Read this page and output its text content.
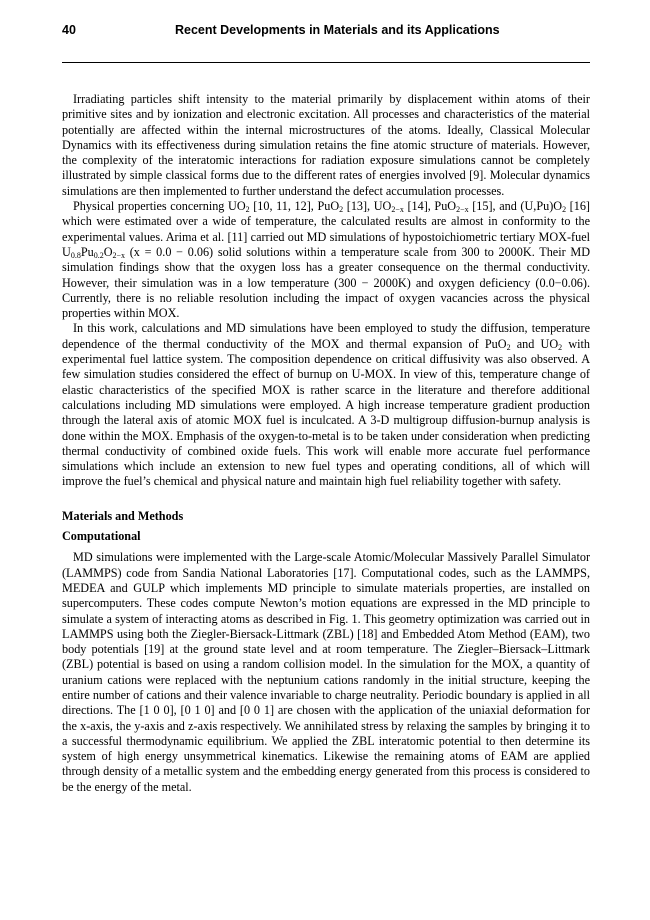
40	Recent Developments in Materials and its Applications

Irradiating particles shift intensity to the material primarily by displacement within atoms of their primitive sites and by ionization and electronic excitation. All processes and characteristics of the material potentially are affected within the internal microstructures of the atoms. Ideally, Classical Molecular Dynamics with its effectiveness during simulation retains the fine atomic structure of materials. However, the complexity of the interatomic interactions for radiation exposure simulations cannot be completely illustrated by simple classical forms due to the different rates of energies involved [9]. Molecular dynamics simulations are then implemented to further understand the defect accumulation processes.

Physical properties concerning $UO_2$ [10, 11, 12], PuO$_2$ [13], $UO_{2-x}$ [14], PuO$_{2-x}$ [15], and $(U,Pu)O_2$ [16] which were estimated over a wide of temperature, the calculated results are almost in conformity to the experimental values. Arima et al. [11] carried out MD simulations of hypostoichiometric tertiary MOX-fuel $U_{0.8}Pu_{0.2}O_{2-x}$ (x = 0.0 − 0.06) solid solutions within a temperature scale from 300 to 2000K. Their MD simulation findings show that the oxygen loss has a greater consequence on the thermal conductivity. However, their simulation was in a low temperature (300 − 2000K) and oxygen deficiency (0.0−0.06). Currently, there is no reliable resolution including the impact of oxygen vacancies across the physical properties within MOX.

In this work, calculations and MD simulations have been employed to study the diffusion, temperature dependence of the thermal conductivity of the MOX and thermal expansion of PuO$_2$ and $UO_2$ with experimental fuel lattice system. The composition dependence on critical diffusivity was also observed. A few simulation studies considered the effect of burnup on U-MOX. In view of this, temperature change of elastic characteristics of the specified MOX is rather scarce in the literature and therefore additional calculations including MD simulations were employed. A high increase temperature gradient production through the lateral axis of atomic MOX fuel is inculcated. A 3-D multigroup diffusion-burnup analysis is done within the MOX. Emphasis of the oxygen-to-metal is to be taken under consideration when predicting thermal conductivity of combined oxide fuels. This work will enable more accurate fuel performance simulations which include an extension to new fuel types and operating conditions, all of which will improve the fuel’s chemical and physical nature and maintain high fuel reliability together with safety.

Materials and Methods
Computational

MD simulations were implemented with the Large-scale Atomic/Molecular Massively Parallel Simulator (LAMMPS) code from Sandia National Laboratories [17]. Computational codes, such as the LAMMPS, MEDEA and GULP which implements MD principle to simulate materials properties, are installed on supercomputers. These codes compute Newton’s motion equations are expressed in the MD principle to simulate a system of interacting atoms as described in Fig. 1. This geometry optimization was carried out in LAMMPS using both the Ziegler-Biersack-Littmark (ZBL) [18] and Embedded Atom Method (EAM), two body potentials [19] at the ground state level and at room temperature. The Ziegler–Biersack–Littmark (ZBL) potential is based on using a random collision model. In the simulation for the MOX, a quantity of uranium cations were replaced with the neptunium cations randomly in the initial structure, keeping the entire number of cations and their valence invariable to charge neutrality. Periodic boundary is applied in all directions. The [1 0 0], [0 1 0] and [0 0 1] are chosen with the application of the uniaxial deformation for the x-axis, the y-axis and z-axis respectively. We annihilated stress by relaxing the samples by bringing it to a successful thermodynamic equilibrium. We applied the ZBL interatomic potential to then determine its system of high energy unsymmetrical kinematics. Likewise the remaining atoms of EAM are applied through density of a metallic system and the embedding energy generated from this process is considered to be the energy of the metal.
